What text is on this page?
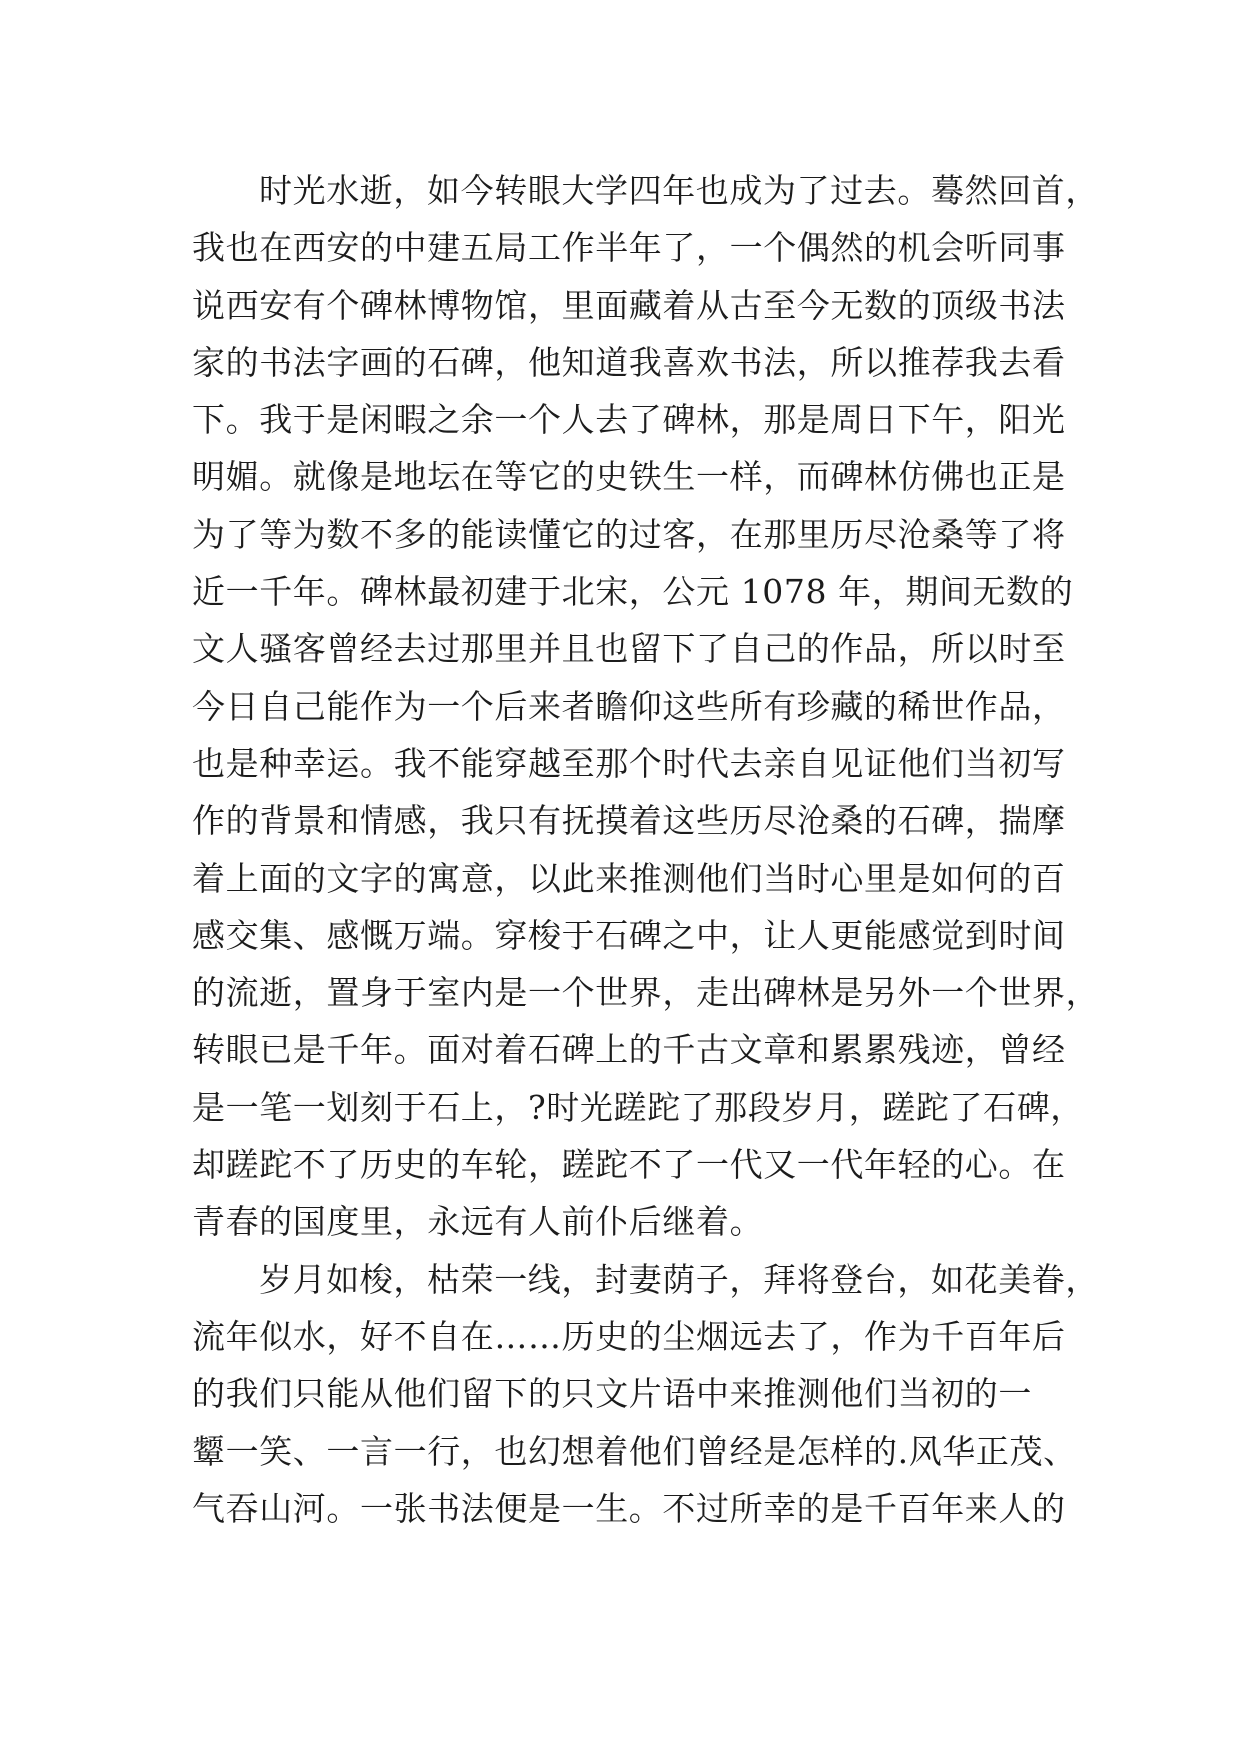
时光水逝，如今转眼大学四年也成为了过去。蓦然回首，
我也在西安的中建五局工作半年了，一个偶然的机会听同事
说西安有个碑林博物馆，里面藏着从古至今无数的顶级书法
家的书法字画的石碑，他知道我喜欢书法，所以推荐我去看
下。我于是闲暇之余一个人去了碑林，那是周日下午，阳光
明媚。就像是地坛在等它的史铁生一样，而碑林仿佛也正是
为了等为数不多的能读懂它的过客，在那里历尽沧桑等了将
近一千年。碑林最初建于北宋，公元 1078 年，期间无数的
文人骚客曾经去过那里并且也留下了自己的作品，所以时至
今日自己能作为一个后来者瞻仰这些所有珍藏的稀世作品，
也是种幸运。我不能穿越至那个时代去亲自见证他们当初写
作的背景和情感，我只有抚摸着这些历尽沧桑的石碑，揣摩
着上面的文字的寓意，以此来推测他们当时心里是如何的百
感交集、感慨万端。穿梭于石碑之中，让人更能感觉到时间
的流逝，置身于室内是一个世界，走出碑林是另外一个世界，
转眼已是千年。面对着石碑上的千古文章和累累残迹，曾经
是一笔一划刻于石上，?时光蹉跎了那段岁月，蹉跎了石碑，
却蹉跎不了历史的车轮，蹉跎不了一代又一代年轻的心。在
青春的国度里，永远有人前仆后继着。
岁月如梭，枯荣一线，封妻荫子，拜将登台，如花美眷，
流年似水，好不自在……历史的尘烟远去了，作为千百年后
的我们只能从他们留下的只文片语中来推测他们当初的一
颦一笑、一言一行，也幻想着他们曾经是怎样的.风华正茂、
气吞山河。一张书法便是一生。不过所幸的是千百年来人的
